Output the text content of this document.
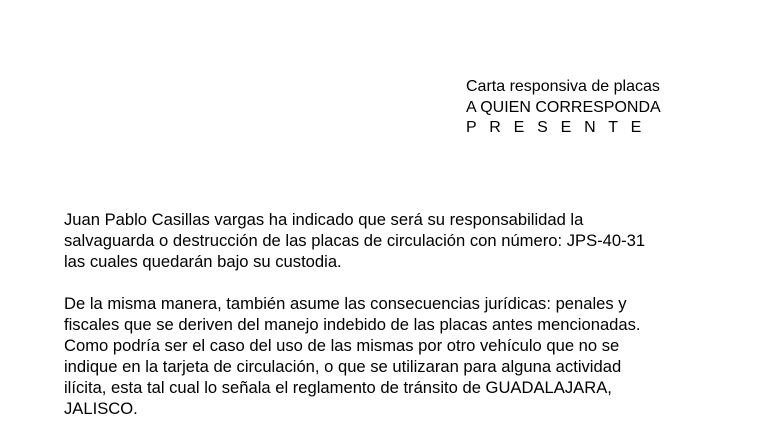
Carta responsiva de placas
A QUIEN CORRESPONDA
P R E S E N T E
Juan Pablo Casillas vargas ha indicado que será su responsabilidad la
salvaguarda o destrucción de las placas de circulación con número: JPS-40-31
las cuales quedarán bajo su custodia.
De la misma manera, también asume las consecuencias jurídicas: penales y
fiscales que se deriven del manejo indebido de las placas antes mencionadas.
Como podría ser el caso del uso de las mismas por otro vehículo que no se
indique en la tarjeta de circulación, o que se utilizaran para alguna actividad
ilícita, esta tal cual lo señala el reglamento de tránsito de GUADALAJARA,
JALISCO.
